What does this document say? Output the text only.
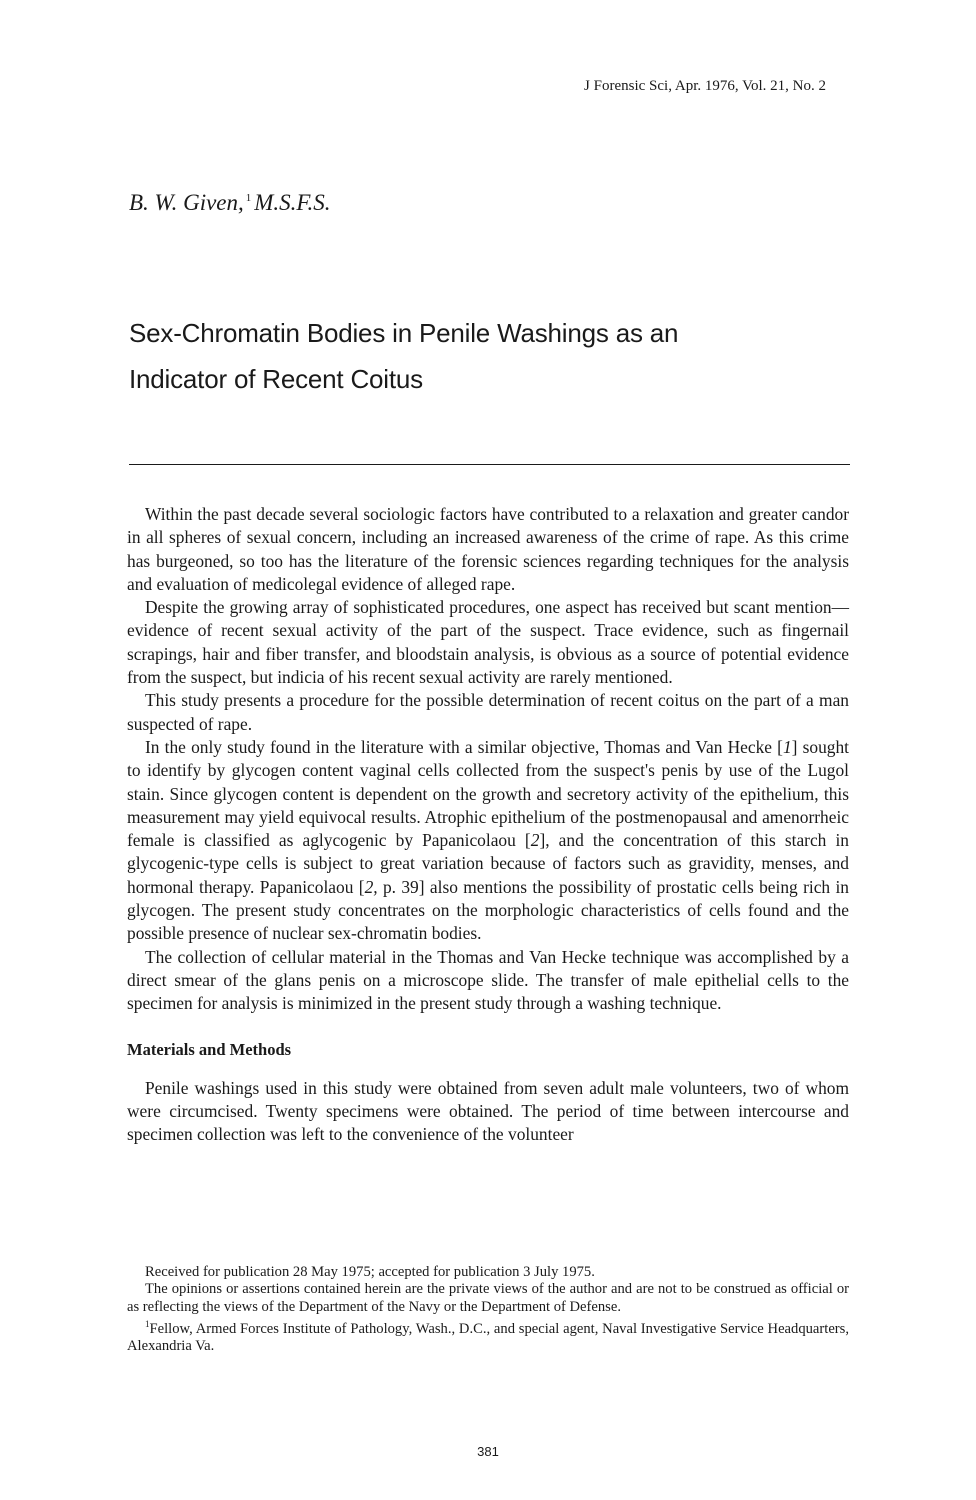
J Forensic Sci, Apr. 1976, Vol. 21, No. 2
B. W. Given, $^1$ M.S.F.S.
Sex-Chromatin Bodies in Penile Washings as an
Indicator of Recent Coitus

Within the past decade several sociologic factors have contributed to a relaxation and greater candor in all spheres of sexual concern, including an increased awareness of the crime of rape. As this crime has burgeoned, so too has the literature of the forensic sciences regarding techniques for the analysis and evaluation of medicolegal evidence of alleged rape.

Despite the growing array of sophisticated procedures, one aspect has received but scant mention—evidence of recent sexual activity of the part of the suspect. Trace evidence, such as fingernail scrapings, hair and fiber transfer, and bloodstain analysis, is obvious as a source of potential evidence from the suspect, but indicia of his recent sexual activity are rarely mentioned.

This study presents a procedure for the possible determination of recent coitus on the part of a man suspected of rape.

In the only study found in the literature with a similar objective, Thomas and Van Hecke [1] sought to identify by glycogen content vaginal cells collected from the suspect's penis by use of the Lugol stain. Since glycogen content is dependent on the growth and secretory activity of the epithelium, this measurement may yield equivocal results. Atrophic epithelium of the postmenopausal and amenorrheic female is classified as aglycogenic by Papanicolaou [2], and the concentration of this starch in glycogenic-type cells is subject to great variation because of factors such as gravidity, menses, and hormonal therapy. Papanicolaou [2, p. 39] also mentions the possibility of prostatic cells being rich in glycogen. The present study concentrates on the morphologic characteristics of cells found and the possible presence of nuclear sex-chromatin bodies.

The collection of cellular material in the Thomas and Van Hecke technique was accomplished by a direct smear of the glans penis on a microscope slide. The transfer of male epithelial cells to the specimen for analysis is minimized in the present study through a washing technique.

Materials and Methods

Penile washings used in this study were obtained from seven adult male volunteers, two of whom were circumcised. Twenty specimens were obtained. The period of time between intercourse and specimen collection was left to the convenience of the volunteer

Received for publication 28 May 1975; accepted for publication 3 July 1975.

The opinions or assertions contained herein are the private views of the author and are not to be construed as official or as reflecting the views of the Department of the Navy or the Department of Defense.

$^1$Fellow, Armed Forces Institute of Pathology, Wash., D.C., and special agent, Naval Investigative Service Headquarters, Alexandria Va.

381
